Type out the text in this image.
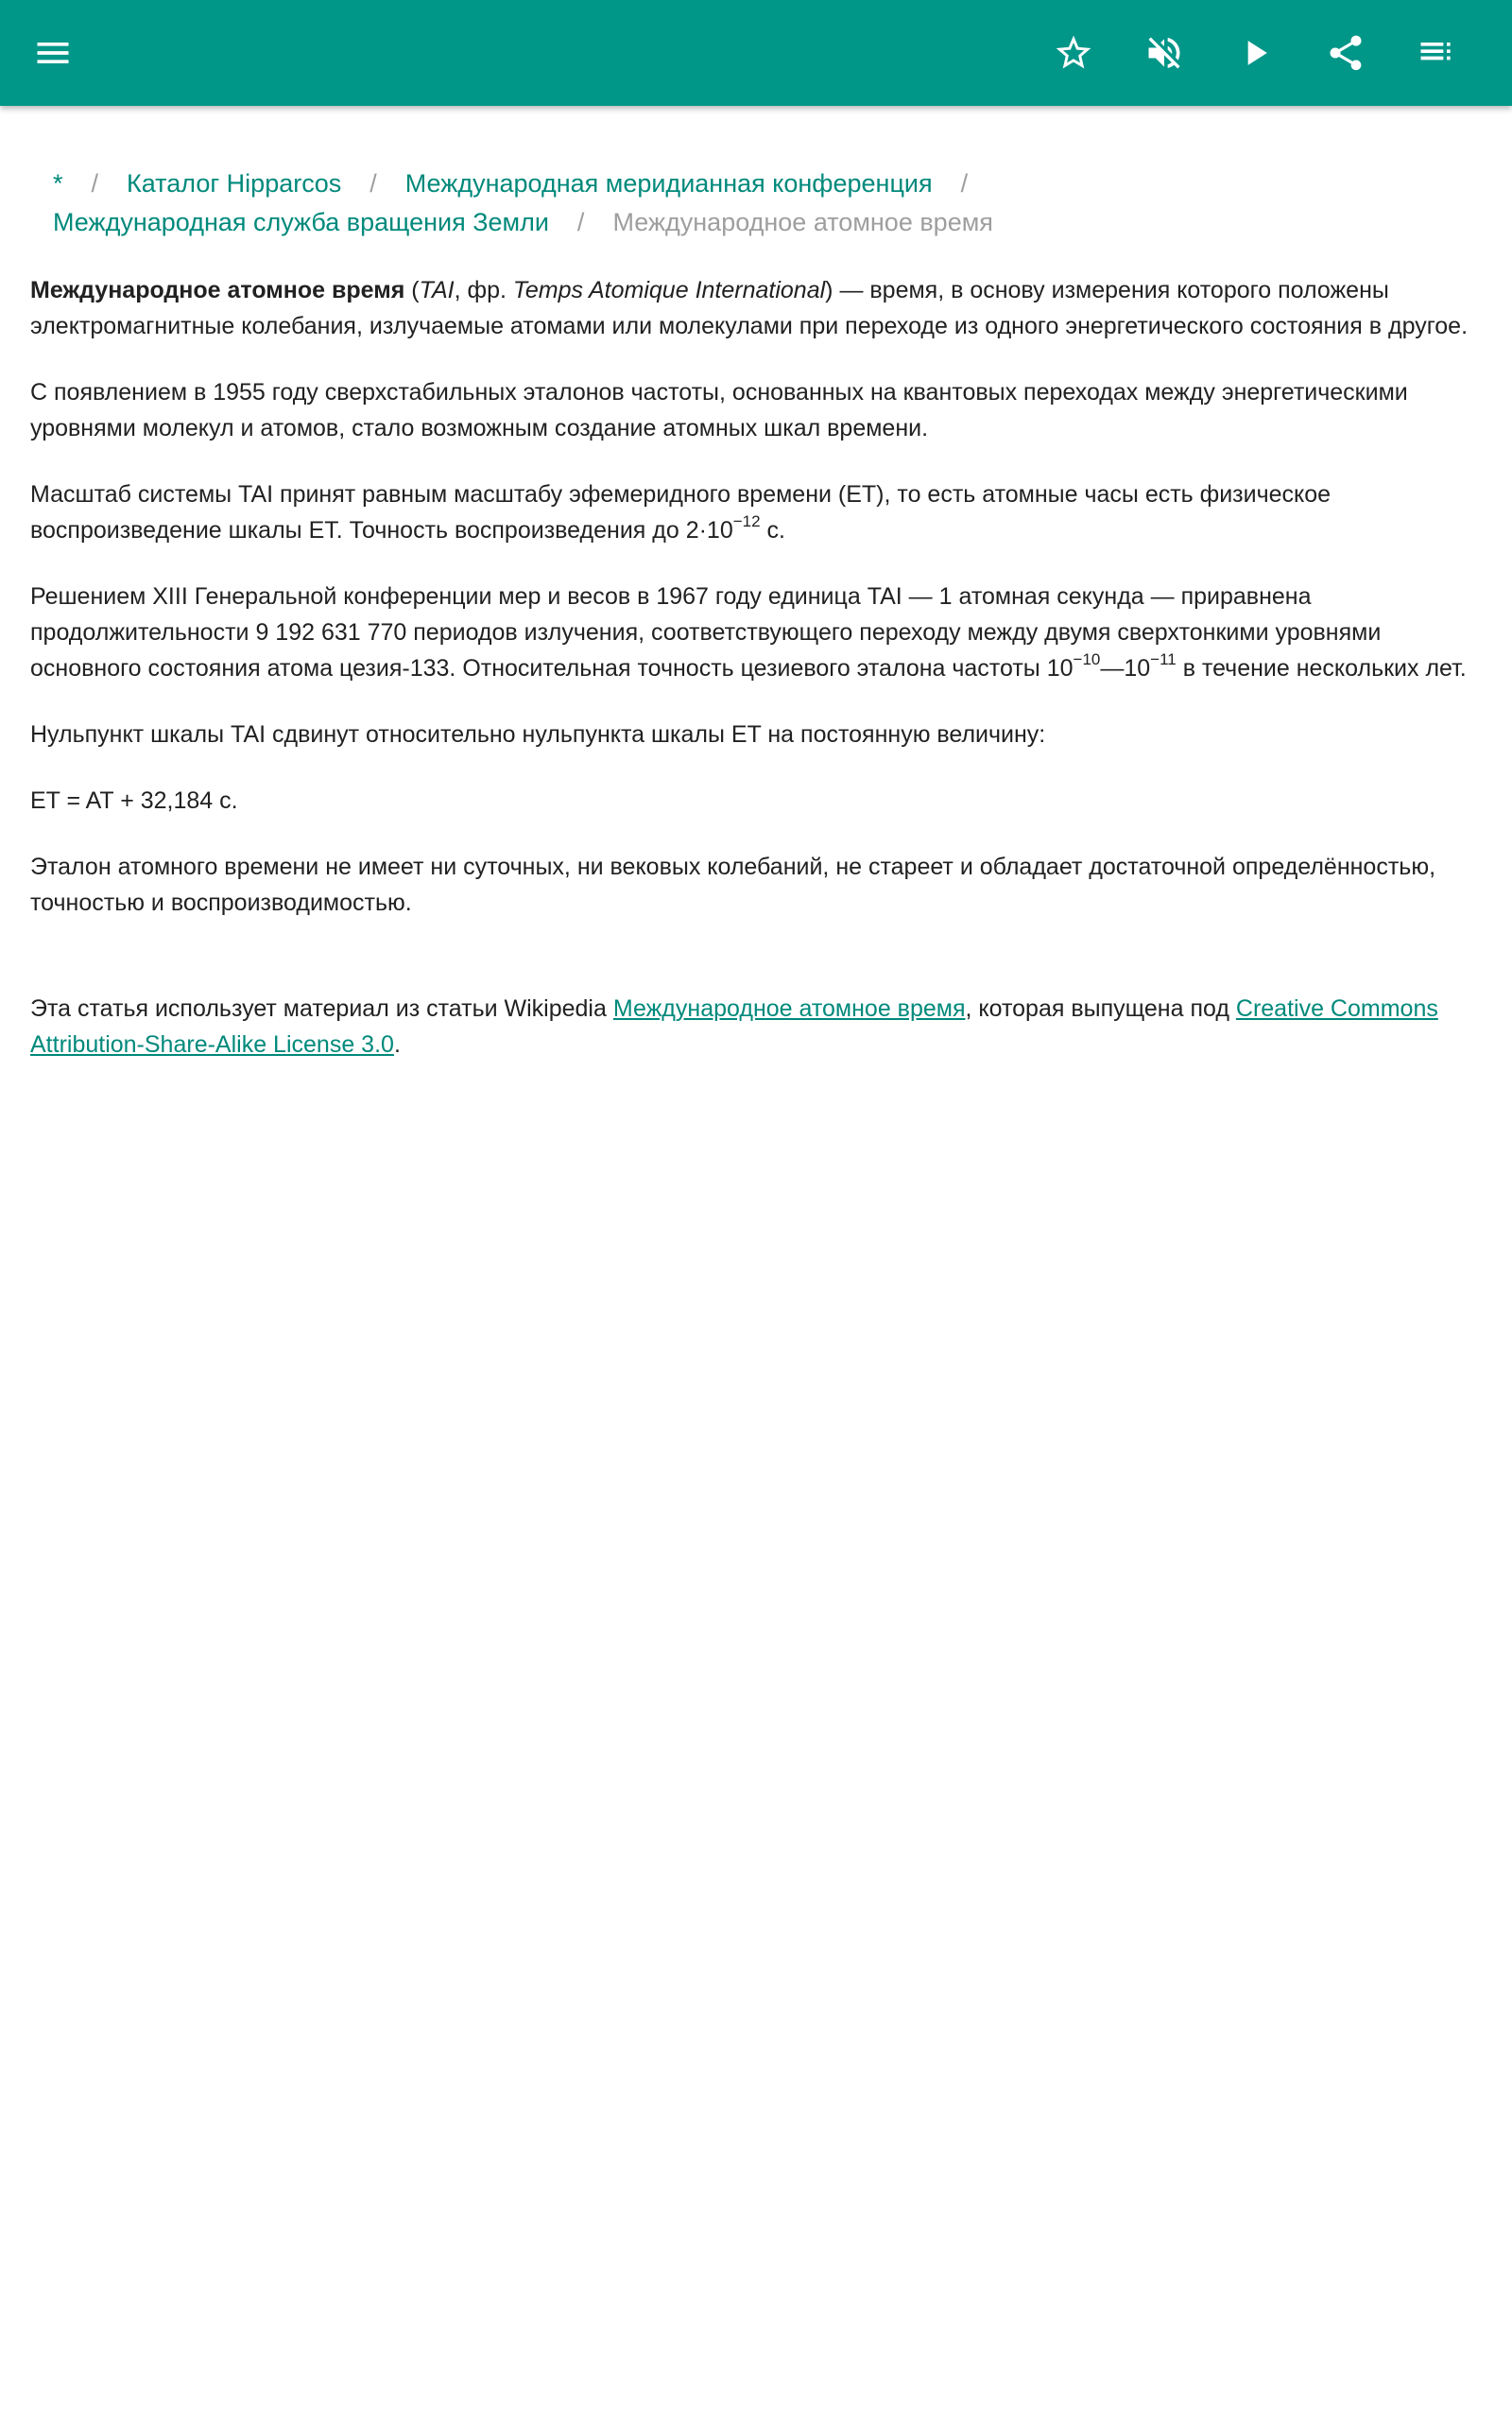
* / Каталог Hipparcos / Международная меридианная конференция /
Международная служба вращения Земли / Международное атомное время

Международное атомное время (TAI, фр. Temps Atomique International) — время, в основу измерения которого положены электромагнитные колебания, излучаемые атомами или молекулами при переходе из одного энергетического состояния в другое.

С появлением в 1955 году сверхстабильных эталонов частоты, основанных на квантовых переходах между энергетическими уровнями молекул и атомов, стало возможным создание атомных шкал времени.

Масштаб системы TAI принят равным масштабу эфемеридного времени (ET), то есть атомные часы есть физическое воспроизведение шкалы ET. Точность воспроизведения до $2\cdot 10^{-12}$ с.

Решением XIII Генеральной конференции мер и весов в 1967 году единица TAI — 1 атомная секунда — приравнена продолжительности 9 192 631 770 периодов излучения, соответствующего переходу между двумя сверхтонкими уровнями основного состояния атома цезия-133. Относительная точность цезиевого эталона частоты $10^{-10}—10^{-11}$ в течение нескольких лет.

Нульпункт шкалы TAI сдвинут относительно нульпункта шкалы ET на постоянную величину:

ET = AT + 32,184 с.

Эталон атомного времени не имеет ни суточных, ни вековых колебаний, не стареет и обладает достаточной определённостью, точностью и воспроизводимостью.

Эта статья использует материал из статьи Wikipedia Международное атомное время, которая выпущена под Creative Commons Attribution-Share-Alike License 3.0.
